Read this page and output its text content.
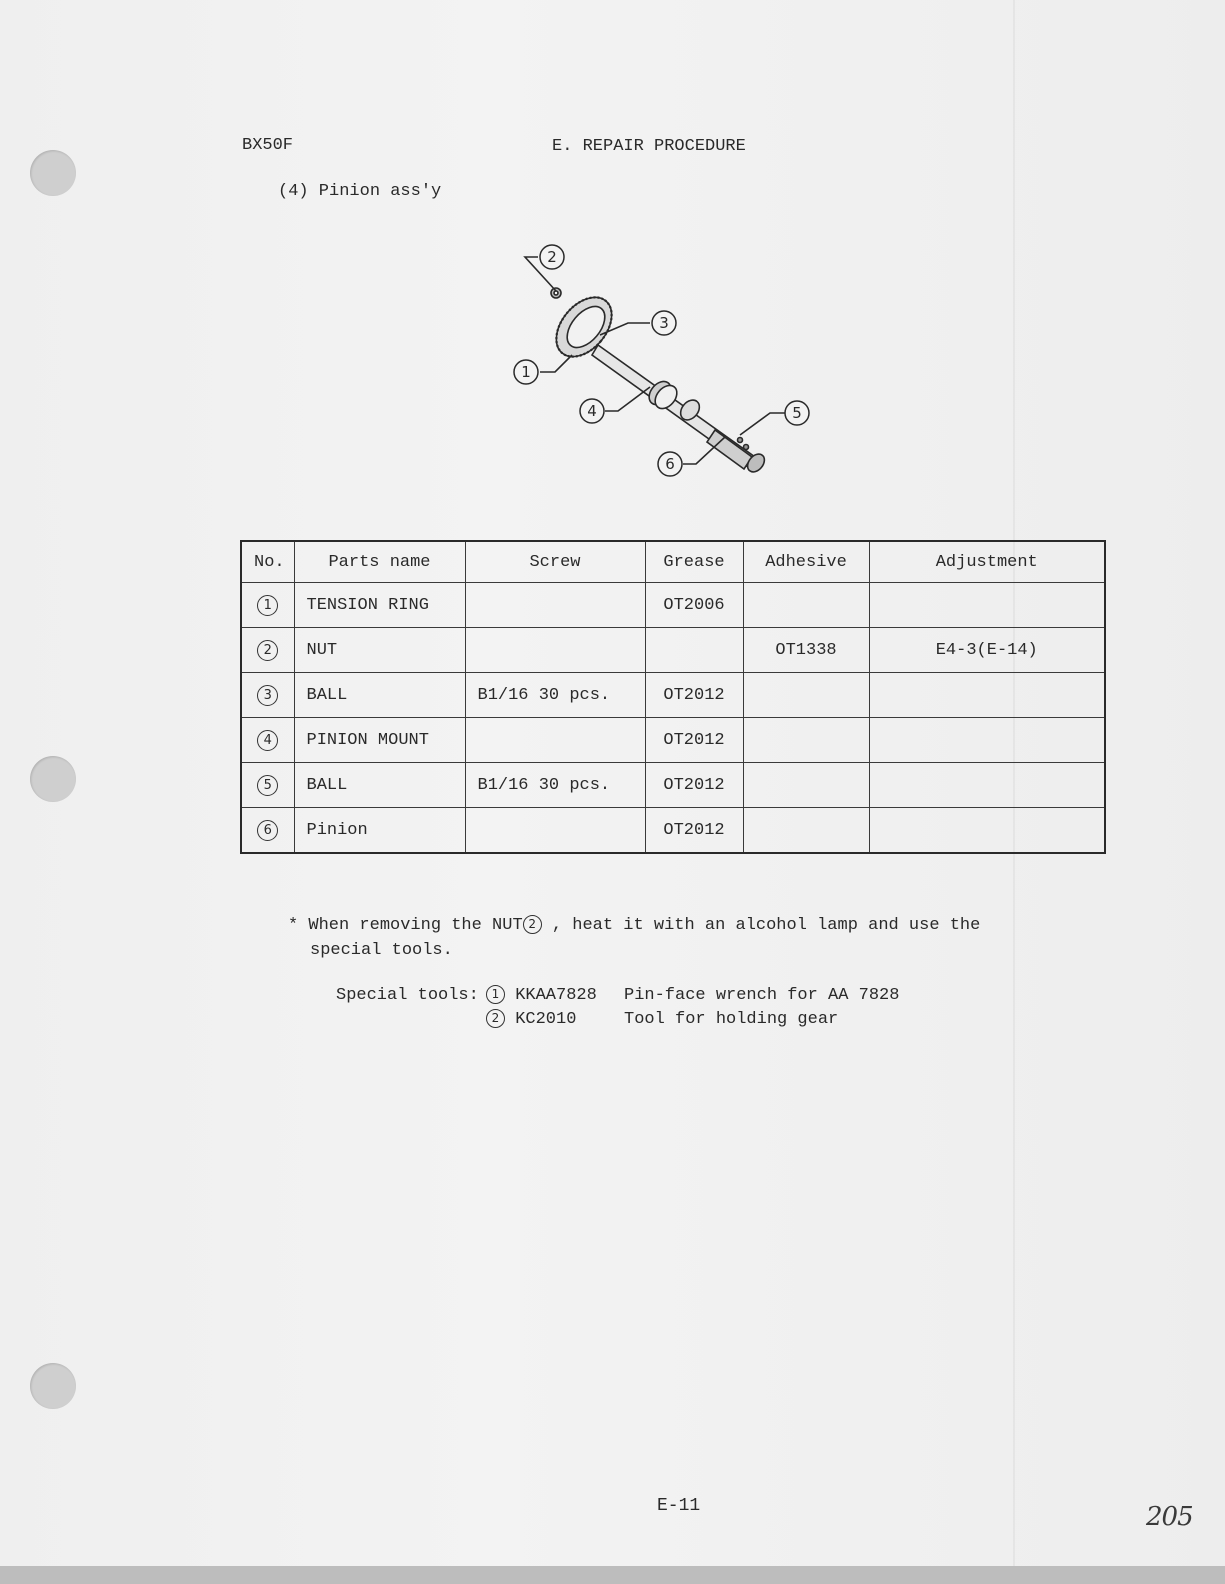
BX50F	E. REPAIR PROCEDURE
(4) Pinion ass'y
2
3
1
4	5
6
No.	Parts name	Screw	Grease	Adhesive	Adjustment
1	TENSION RING		OT2006		
2	NUT			OT1338	E4-3(E-14)
3	BALL	B1/16 30 pcs.	OT2012		
4	PINION MOUNT		OT2012		
5	BALL	B1/16 30 pcs.	OT2012		
6	Pinion		OT2012		
* When removing the NUT 2 , heat it with an alcohol lamp and use the
special tools.
Special tools:	1 KKAA7828	Pin-face wrench for AA 7828
2 KC2010	Tool for holding gear
E-11	205
